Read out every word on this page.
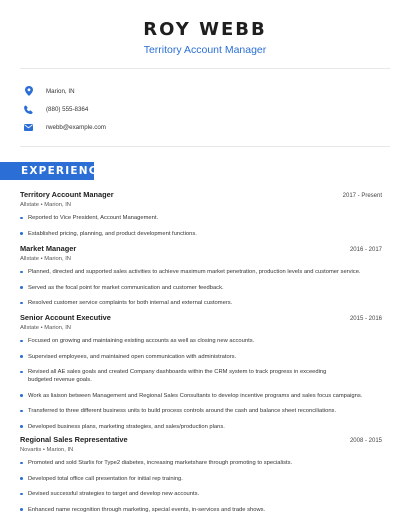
ROY WEBB
Territory Account Manager
Marion, IN
(880) 555-8364
rwebb@example.com
EXPERIENCE
Territory Account Manager	2017 - Present
Allstate • Marion, IN
Reported to Vice President, Account Management.
Established pricing, planning, and product development functions.
Market Manager	2016 - 2017
Allstate • Marion, IN
Planned, directed and supported sales activities to achieve maximum market penetration, production levels and customer service.
Served as the focal point for market communication and customer feedback.
Resolved customer service complaints for both internal and external customers.
Senior Account Executive	2015 - 2016
Allstate • Marion, IN
Focused on growing and maintaining existing accounts as well as closing new accounts.
Supervised employees, and maintained open communication with administrators.
Revised all AE sales goals and created Company dashboards within the CRM system to track progress in exceeding budgeted revenue goals.
Work as liaison between Management and Regional Sales Consultants to develop incentive programs and sales focus campaigns.
Transferred to three different business units to build process controls around the cash and balance sheet reconciliations.
Developed business plans, marketing strategies, and sales/production plans.
Regional Sales Representative	2008 - 2015
Novartis • Marion, IN
Promoted and sold Starlix for Type2 diabetes, increasing marketshare through promoting to specialists.
Developed total office call presentation for initial rep training.
Devised successful strategies to target and develop new accounts.
Enhanced name recognition through marketing, special events, in-services and trade shows.
